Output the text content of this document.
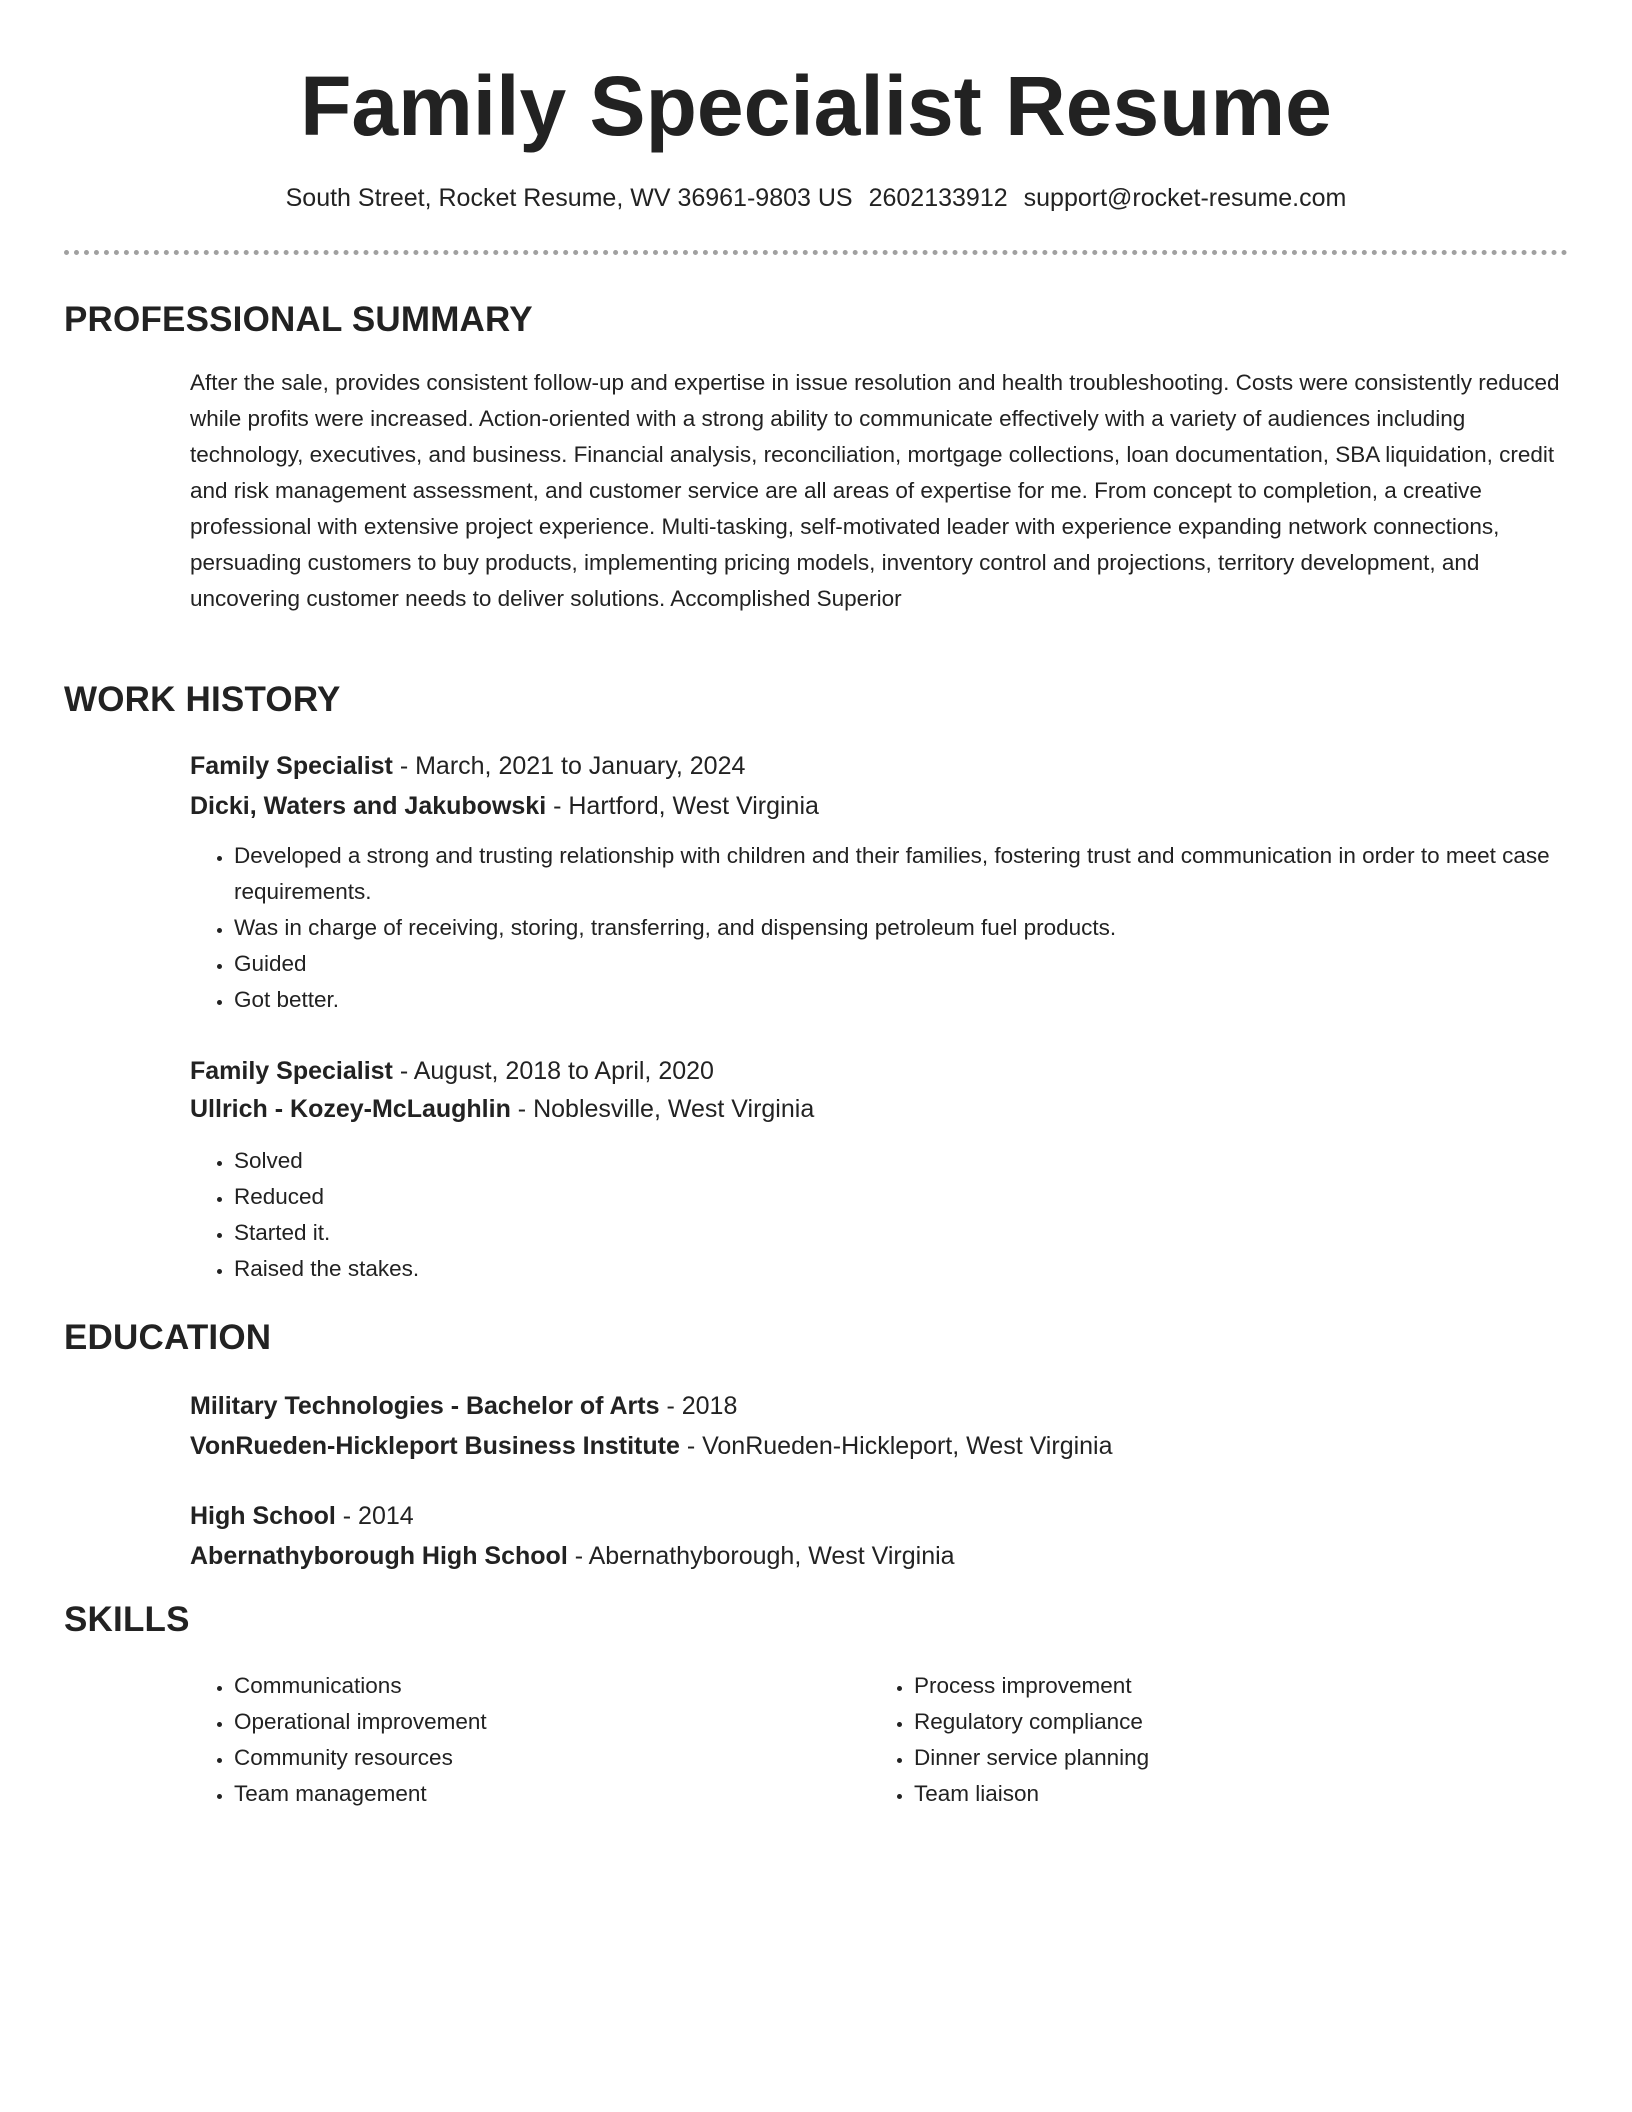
Family Specialist Resume
South Street, Rocket Resume, WV 36961-9803 US 2602133912 support@rocket-resume.com
PROFESSIONAL SUMMARY
After the sale, provides consistent follow-up and expertise in issue resolution and health troubleshooting. Costs were consistently reduced while profits were increased. Action-oriented with a strong ability to communicate effectively with a variety of audiences including technology, executives, and business. Financial analysis, reconciliation, mortgage collections, loan documentation, SBA liquidation, credit and risk management assessment, and customer service are all areas of expertise for me. From concept to completion, a creative professional with extensive project experience. Multi-tasking, self-motivated leader with experience expanding network connections, persuading customers to buy products, implementing pricing models, inventory control and projections, territory development, and uncovering customer needs to deliver solutions. Accomplished Superior
WORK HISTORY
Family Specialist - March, 2021 to January, 2024
Dicki, Waters and Jakubowski - Hartford, West Virginia
• Developed a strong and trusting relationship with children and their families, fostering trust and communication in order to meet case requirements.
• Was in charge of receiving, storing, transferring, and dispensing petroleum fuel products.
• Guided
• Got better.
Family Specialist - August, 2018 to April, 2020
Ullrich - Kozey-McLaughlin - Noblesville, West Virginia
• Solved
• Reduced
• Started it.
• Raised the stakes.
EDUCATION
Military Technologies - Bachelor of Arts - 2018
VonRueden-Hickleport Business Institute - VonRueden-Hickleport, West Virginia
High School - 2014
Abernathyborough High School - Abernathyborough, West Virginia
SKILLS
• Communications
• Operational improvement
• Community resources
• Team management
• Process improvement
• Regulatory compliance
• Dinner service planning
• Team liaison
